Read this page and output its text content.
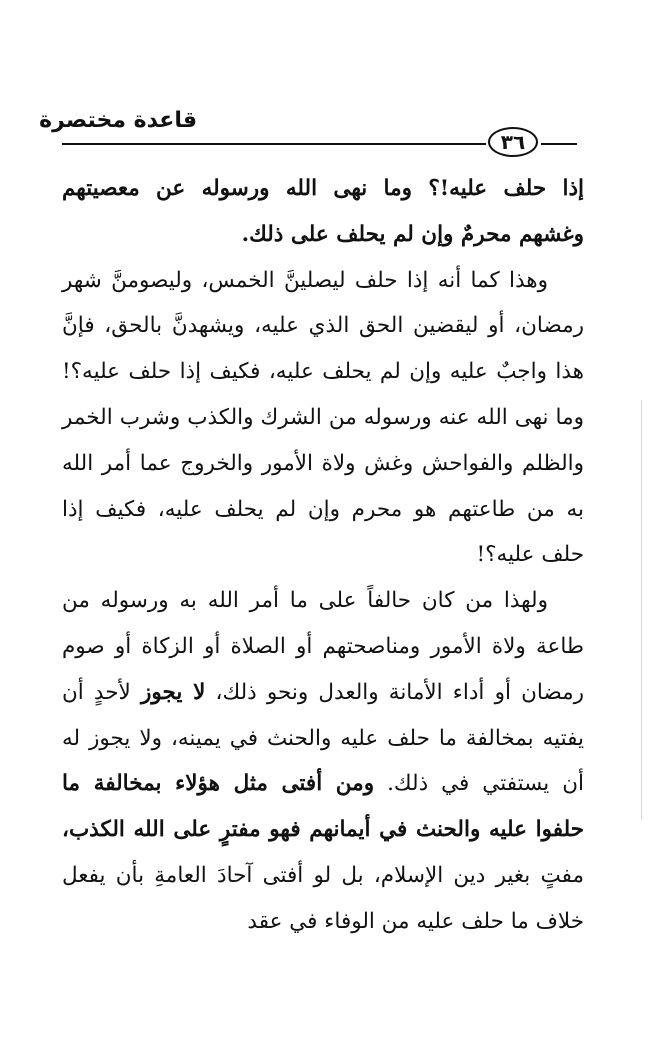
قاعدة مختصرة
٣٦

إذا حلف عليه!؟ وما نهى الله ورسوله عن معصيتهم وغشهم محرمٌ وإن لم يحلف على ذلك.

وهذا كما أنه إذا حلف ليصلينَّ الخمس، وليصومنَّ شهر رمضان، أو ليقضين الحق الذي عليه، ويشهدنَّ بالحق، فإنَّ هذا واجبٌ عليه وإن لم يحلف عليه، فكيف إذا حلف عليه؟! وما نهى الله عنه ورسوله من الشرك والكذب وشرب الخمر والظلم والفواحش وغش ولاة الأمور والخروج عما أمر الله به من طاعتهم هو محرم وإن لم يحلف عليه، فكيف إذا حلف عليه؟!

ولهذا من كان حالفاً على ما أمر الله به ورسوله من طاعة ولاة الأمور ومناصحتهم أو الصلاة أو الزكاة أو صوم رمضان أو أداء الأمانة والعدل ونحو ذلك، لا يجوز لأحدٍ أن يفتيه بمخالفة ما حلف عليه والحنث في يمينه، ولا يجوز له أن يستفتي في ذلك. ومن أفتى مثل هؤلاء بمخالفة ما حلفوا عليه والحنث في أيمانهم فهو مفترٍ على الله الكذب، مفتٍ بغير دين الإسلام، بل لو أفتى آحادَ العامةِ بأن يفعل خلاف ما حلف عليه من الوفاء في عقد
